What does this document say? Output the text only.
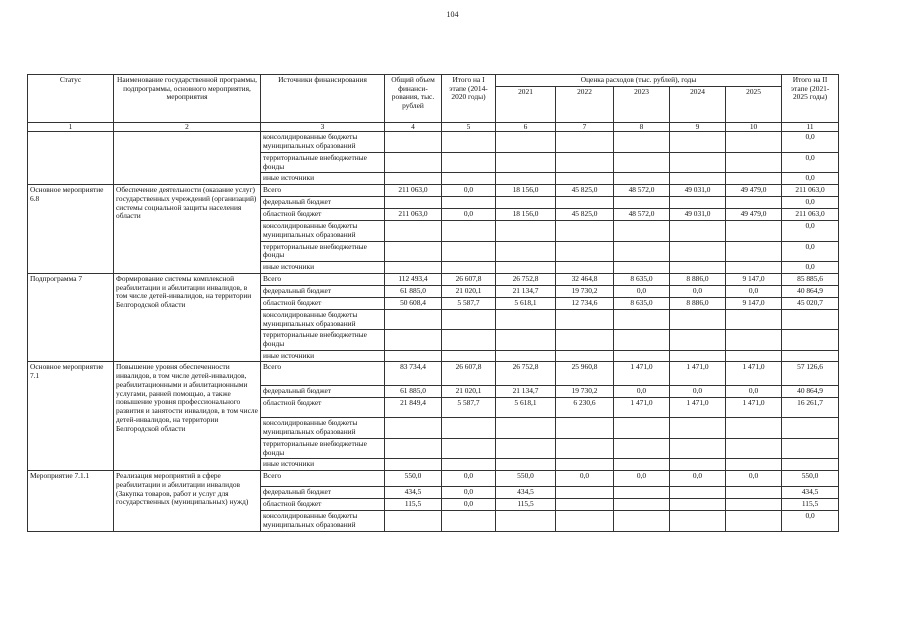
104
Статус	Наименование государственной программы, подпрограммы, основного мероприятия, мероприятия	Источники финансирования	Общий объем финанси-рования, тыс. рублей	Итого на I этапе (2014-2020 годы)	Оценка расходов (тыс. рублей), годы					Итого на II этапе (2021-2025 годы)
					2021	2022	2023	2024	2025	
1	2	3	4	5	6	7	8	9	10	11
		консолидированные бюджеты муниципальных образований								0,0
		территориальные внебюджетные фонды								0,0
		иные источники								0,0
Основное мероприятие 6.8	Обеспечение деятельности (оказание услуг) государственных учреждений (организаций) системы социальной защиты населения области	Всего	211 063,0	0,0	18 156,0	45 825,0	48 572,0	49 031,0	49 479,0	211 063,0
		федеральный бюджет								0,0
		областной бюджет	211 063,0	0,0	18 156,0	45 825,0	48 572,0	49 031,0	49 479,0	211 063,0
		консолидированные бюджеты муниципальных образований								0,0
		территориальные внебюджетные фонды								0,0
		иные источники								0,0
Подпрограмма 7	Формирование системы комплексной реабилитации и абилитации инвалидов, в том числе детей-инвалидов, на территории Белгородской области	Всего	112 493,4	26 607,8	26 752,8	32 464,8	8 635,0	8 886,0	9 147,0	85 885,6
		федеральный бюджет	61 885,0	21 020,1	21 134,7	19 730,2	0,0	0,0	0,0	40 864,9
		областной бюджет	50 608,4	5 587,7	5 618,1	12 734,6	8 635,0	8 886,0	9 147,0	45 020,7
		консолидированные бюджеты муниципальных образований								
		территориальные внебюджетные фонды								
		иные источники								
Основное мероприятие 7.1	Повышение уровня обеспеченности инвалидов, в том числе детей-инвалидов, реабилитационными и абилитационными услугами, ранней помощью, а также повышение уровня профессионального развития и занятости инвалидов, в том числе детей-инвалидов, на территории Белгородской области	Всего	83 734,4	26 607,8	26 752,8	25 960,8	1 471,0	1 471,0	1 471,0	57 126,6
		федеральный бюджет	61 885,0	21 020,1	21 134,7	19 730,2	0,0	0,0	0,0	40 864,9
		областной бюджет	21 849,4	5 587,7	5 618,1	6 230,6	1 471,0	1 471,0	1 471,0	16 261,7
		консолидированные бюджеты муниципальных образований								
		территориальные внебюджетные фонды								
		иные источники								
Мероприятие 7.1.1	Реализация мероприятий в сфере реабилитации и абилитации инвалидов (Закупка товаров, работ и услуг для государственных (муниципальных) нужд)	Всего	550,0	0,0	550,0	0,0	0,0	0,0	0,0	550,0
		федеральный бюджет	434,5	0,0	434,5					434,5
		областной бюджет	115,5	0,0	115,5					115,5
		консолидированные бюджеты муниципальных образований								0,0
